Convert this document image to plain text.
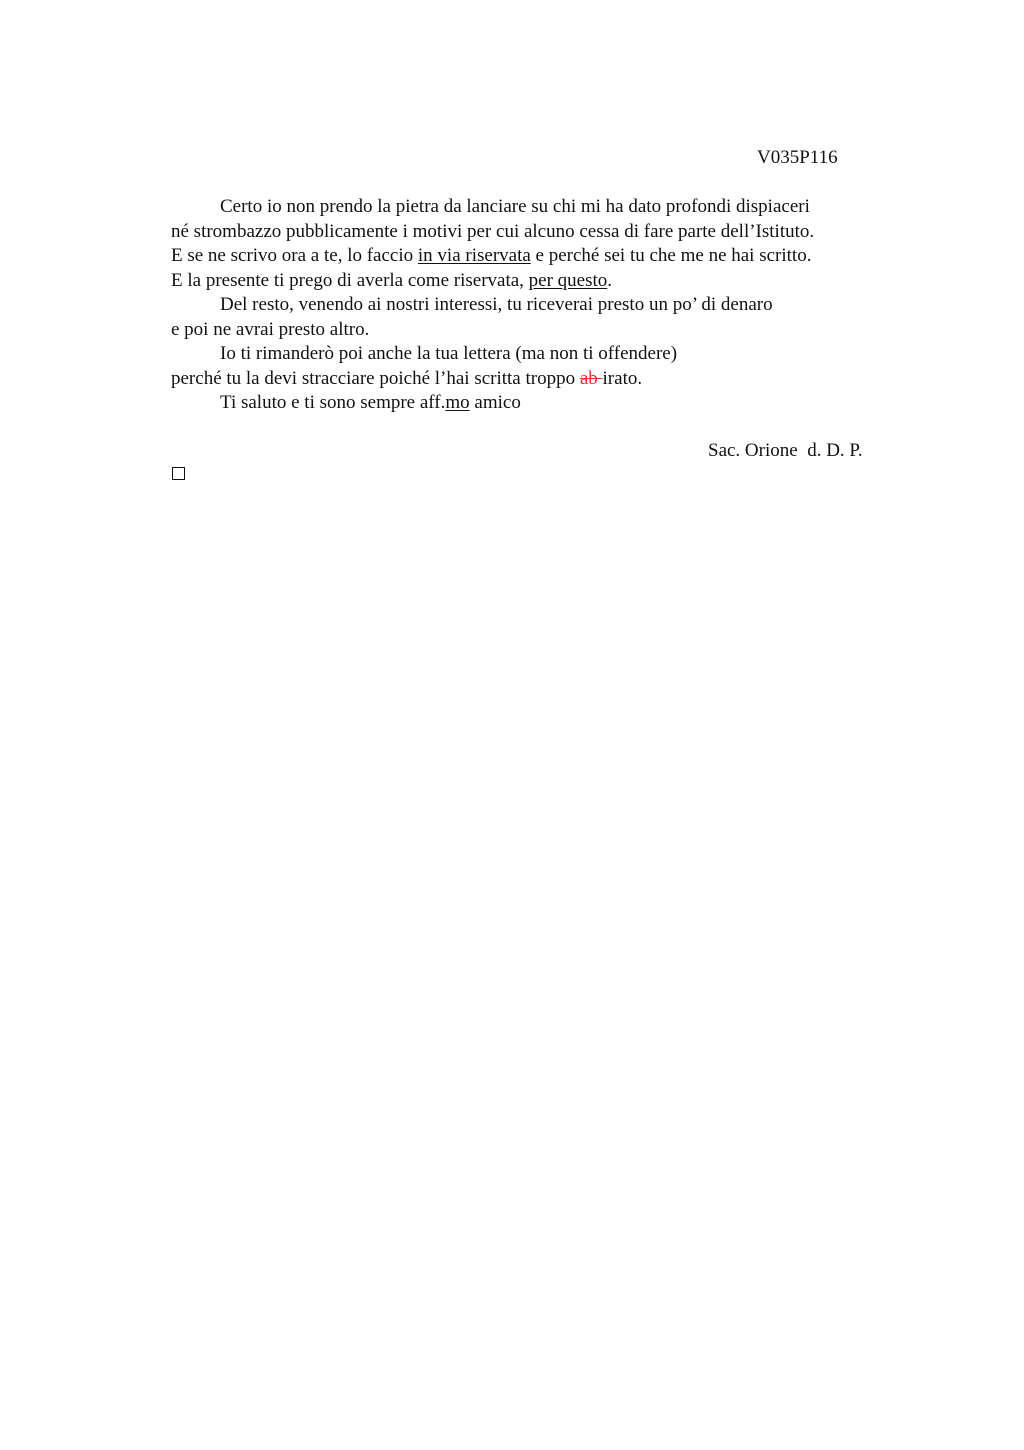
V035P116
Certo io non prendo la pietra da lanciare su chi mi ha dato profondi dispiaceri
né strombazzo pubblicamente i motivi per cui alcuno cessa di fare parte dell’Istituto.
E se ne scrivo ora a te, lo faccio in via riservata e perché sei tu che me ne hai scritto.
E la presente ti prego di averla come riservata, per questo.
Del resto, venendo ai nostri interessi, tu riceverai presto un po’ di denaro
e poi ne avrai presto altro.
Io ti rimanderò poi anche la tua lettera (ma non ti offendere)
perché tu la devi stracciare poiché l’hai scritta troppo ab irato.
Ti saluto e ti sono sempre aff.mo amico
Sac. Orione  d. D. P.
